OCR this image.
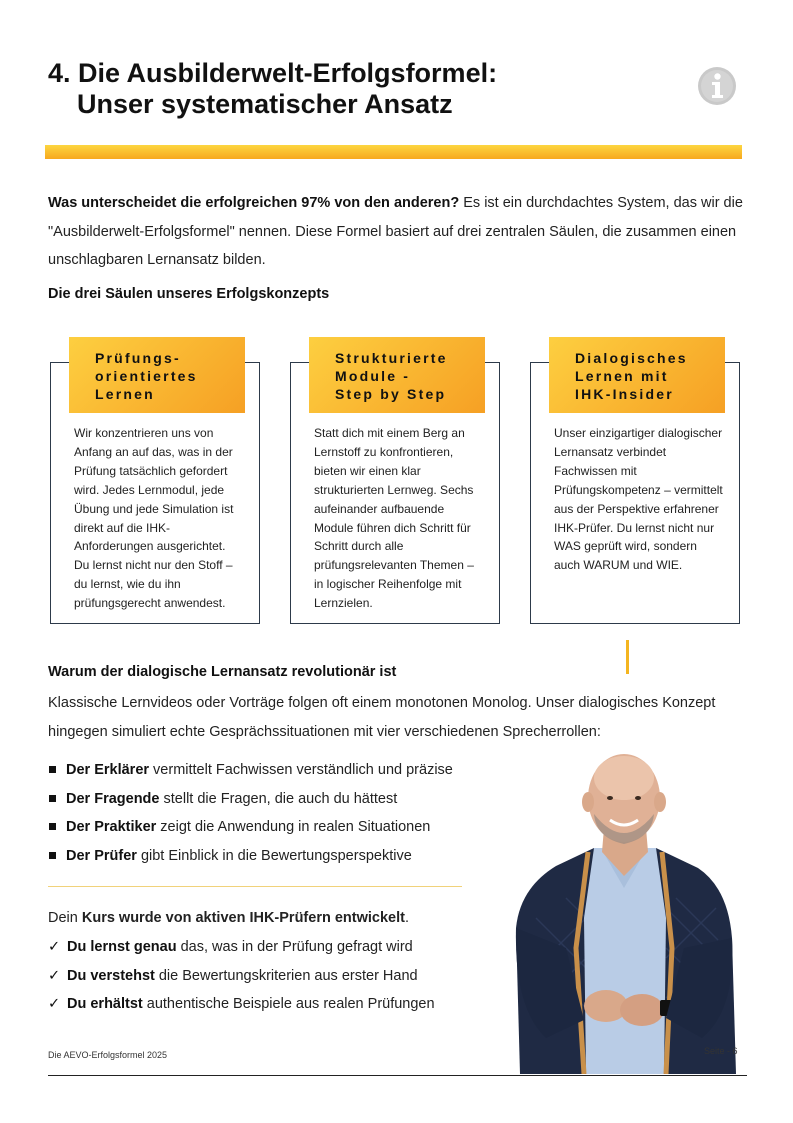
4. Die Ausbilderwelt-Erfolgsformel:
Unser systematischer Ansatz

Was unterscheidet die erfolgreichen 97% von den anderen? Es ist ein durchdachtes System, das wir die "Ausbilderwelt-Erfolgsformel" nennen. Diese Formel basiert auf drei zentralen Säulen, die zusammen einen unschlagbaren Lernansatz bilden.

Die drei Säulen unseres Erfolgskonzepts
Prüfungs-
orientiertes
Lernen
Wir konzentrieren uns von Anfang an auf das, was in der Prüfung tatsächlich gefordert wird. Jedes Lernmodul, jede Übung und jede Simulation ist direkt auf die IHK-Anforderungen ausgerichtet. Du lernst nicht nur den Stoff – du lernst, wie du ihn prüfungsgerecht anwendest.
Strukturierte
Module -
Step by Step
Statt dich mit einem Berg an Lernstoff zu konfrontieren, bieten wir einen klar strukturierten Lernweg. Sechs aufeinander aufbauende Module führen dich Schritt für Schritt durch alle prüfungsrelevanten Themen – in logischer Reihenfolge mit Lernzielen.
Dialogisches
Lernen mit
IHK-Insider
Unser einzigartiger dialogischer Lernansatz verbindet Fachwissen mit Prüfungskompetenz – vermittelt aus der Perspektive erfahrener IHK-Prüfer. Du lernst nicht nur WAS geprüft wird, sondern auch WARUM und WIE.
Warum der dialogische Lernansatz revolutionär ist

Klassische Lernvideos oder Vorträge folgen oft einem monotonen Monolog. Unser dialogisches Konzept hingegen simuliert echte Gesprächssituationen mit vier verschiedenen Sprecherrollen:

Der Erklärer vermittelt Fachwissen verständlich und präzise
Der Fragende stellt die Fragen, die auch du hättest
Der Praktiker zeigt die Anwendung in realen Situationen
Der Prüfer gibt Einblick in die Bewertungsperspektive
Dein Kurs wurde von aktiven IHK-Prüfern entwickelt.
✓ Du lernst genau das, was in der Prüfung gefragt wird
✓ Du verstehst die Bewertungskriterien aus erster Hand
✓ Du erhältst authentische Beispiele aus realen Prüfungen
Die AEVO-Erfolgsformel 2025	Seite - 6
